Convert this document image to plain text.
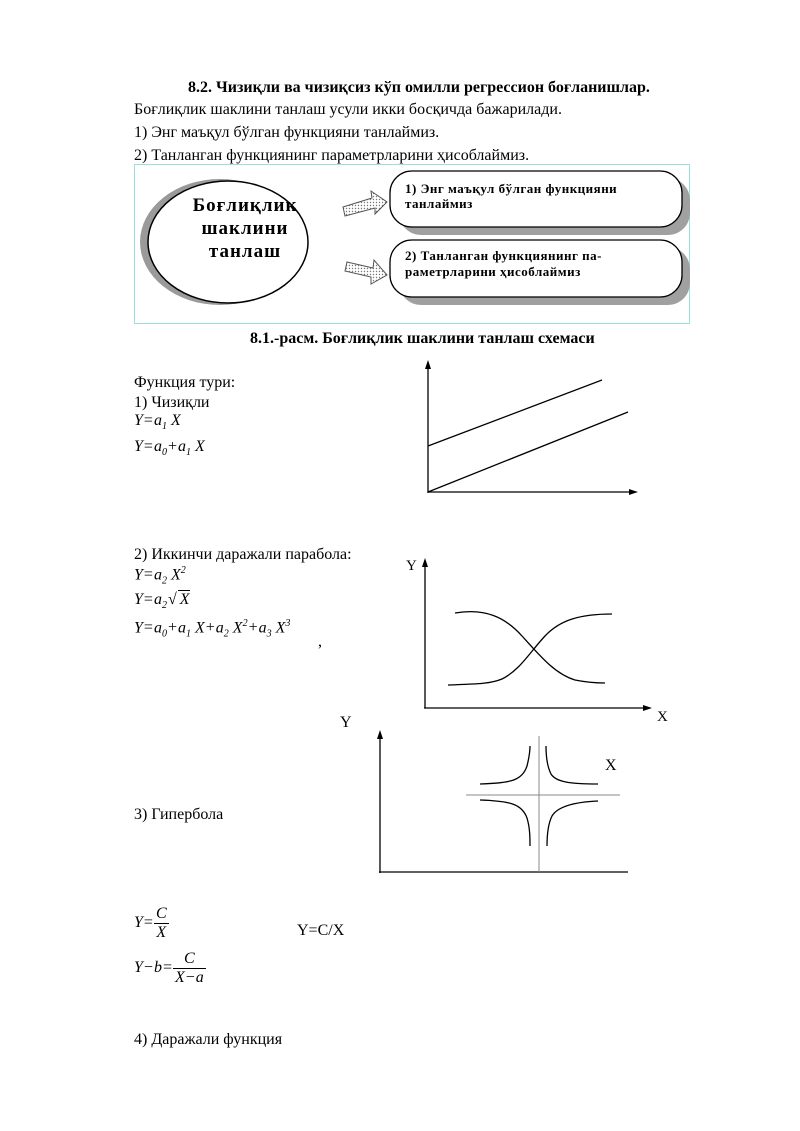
8.2. Чизиқли ва чизиқсиз кўп омилли регрессион боғланишлар.
Боғлиқлик шаклини танлаш усули икки босқичда бажарилади.
1) Энг маъқул бўлган функцияни танлаймиз.
2) Танланган функциянинг параметрларини ҳисоблаймиз.
Боғлиқлик
шаклини
танлаш
1) Энг маъқул бўлган функцияни
танлаймиз
2) Танланган функциянинг па-
раметрларини ҳисоблаймиз
8.1.-расм. Боғлиқлик шаклини танлаш схемаси
Функция тури:
1) Чизиқли
$Y=a_1$ X
$Y=a_0+a_1$ X
2) Иккинчи даражали парабола:
$Y=a_2$ $X^2$
$Y=a_2√$ X
$Y=a_0+a_1$ $X+a_2$ $X^2+a_3$ $X^3$
,
Y
X
Y
X
3) Гипербола
$Y= \frac{C}{X}$	Y=C/X
$Y-b= \frac{C}{X-a}$
4) Даражали функция
